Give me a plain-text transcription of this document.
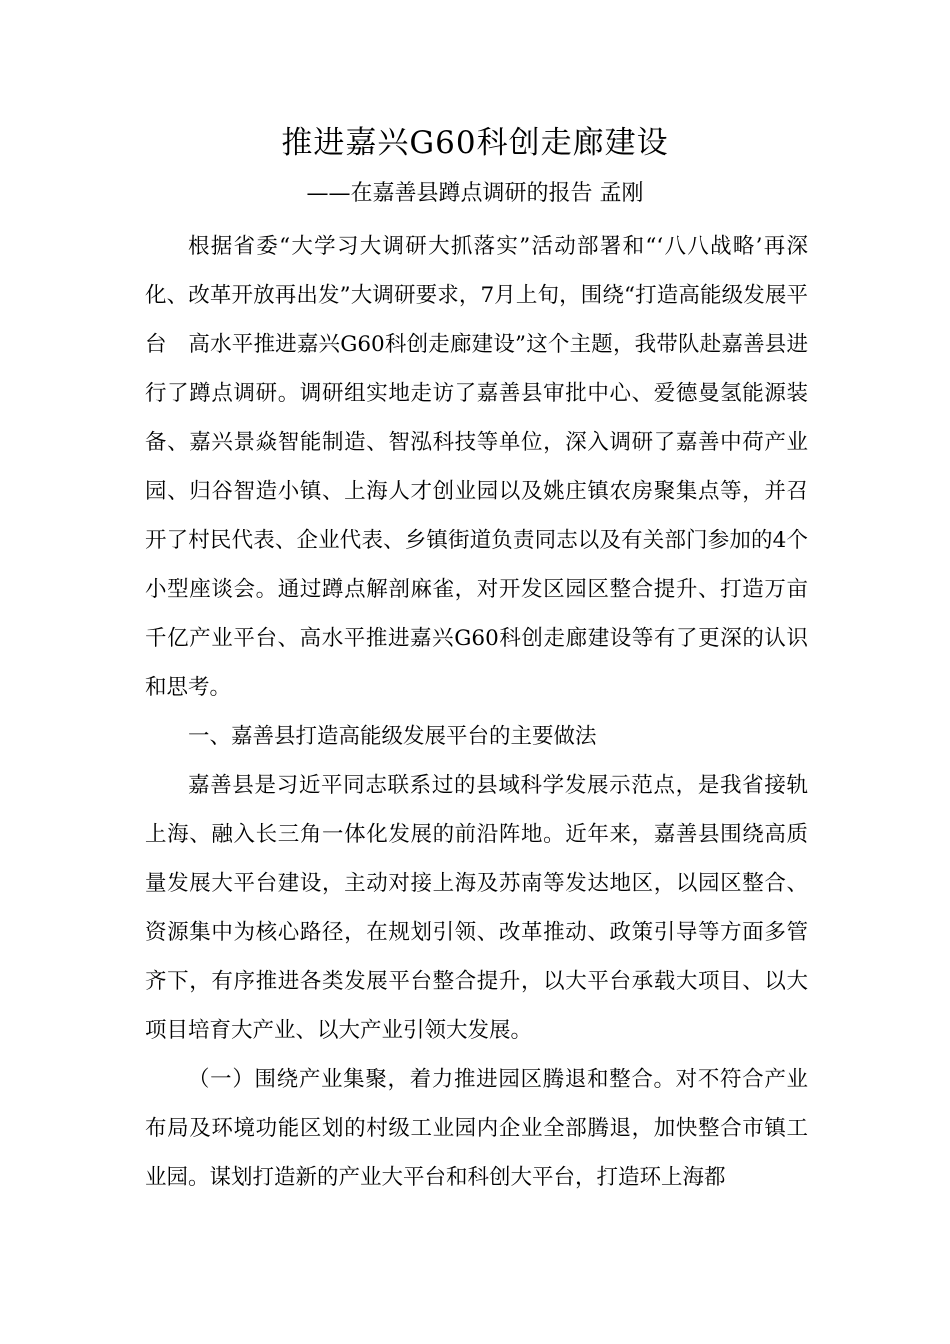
推进嘉兴G60科创走廊建设
——在嘉善县蹲点调研的报告 孟刚

根据省委“大学习大调研大抓落实”活动部署和“‘八八战略’再深化、改革开放再出发”大调研要求，7月上旬，围绕“打造高能级发展平台　高水平推进嘉兴G60科创走廊建设”这个主题，我带队赴嘉善县进行了蹲点调研。调研组实地走访了嘉善县审批中心、爱德曼氢能源装备、嘉兴景焱智能制造、智泓科技等单位，深入调研了嘉善中荷产业园、归谷智造小镇、上海人才创业园以及姚庄镇农房聚集点等，并召开了村民代表、企业代表、乡镇街道负责同志以及有关部门参加的4个小型座谈会。通过蹲点解剖麻雀，对开发区园区整合提升、打造万亩千亿产业平台、高水平推进嘉兴G60科创走廊建设等有了更深的认识和思考。

一、嘉善县打造高能级发展平台的主要做法

嘉善县是习近平同志联系过的县域科学发展示范点，是我省接轨上海、融入长三角一体化发展的前沿阵地。近年来，嘉善县围绕高质量发展大平台建设，主动对接上海及苏南等发达地区，以园区整合、资源集中为核心路径，在规划引领、改革推动、政策引导等方面多管齐下，有序推进各类发展平台整合提升，以大平台承载大项目、以大项目培育大产业、以大产业引领大发展。

（一）围绕产业集聚，着力推进园区腾退和整合。对不符合产业布局及环境功能区划的村级工业园内企业全部腾退，加快整合市镇工业园。谋划打造新的产业大平台和科创大平台，打造环上海都
